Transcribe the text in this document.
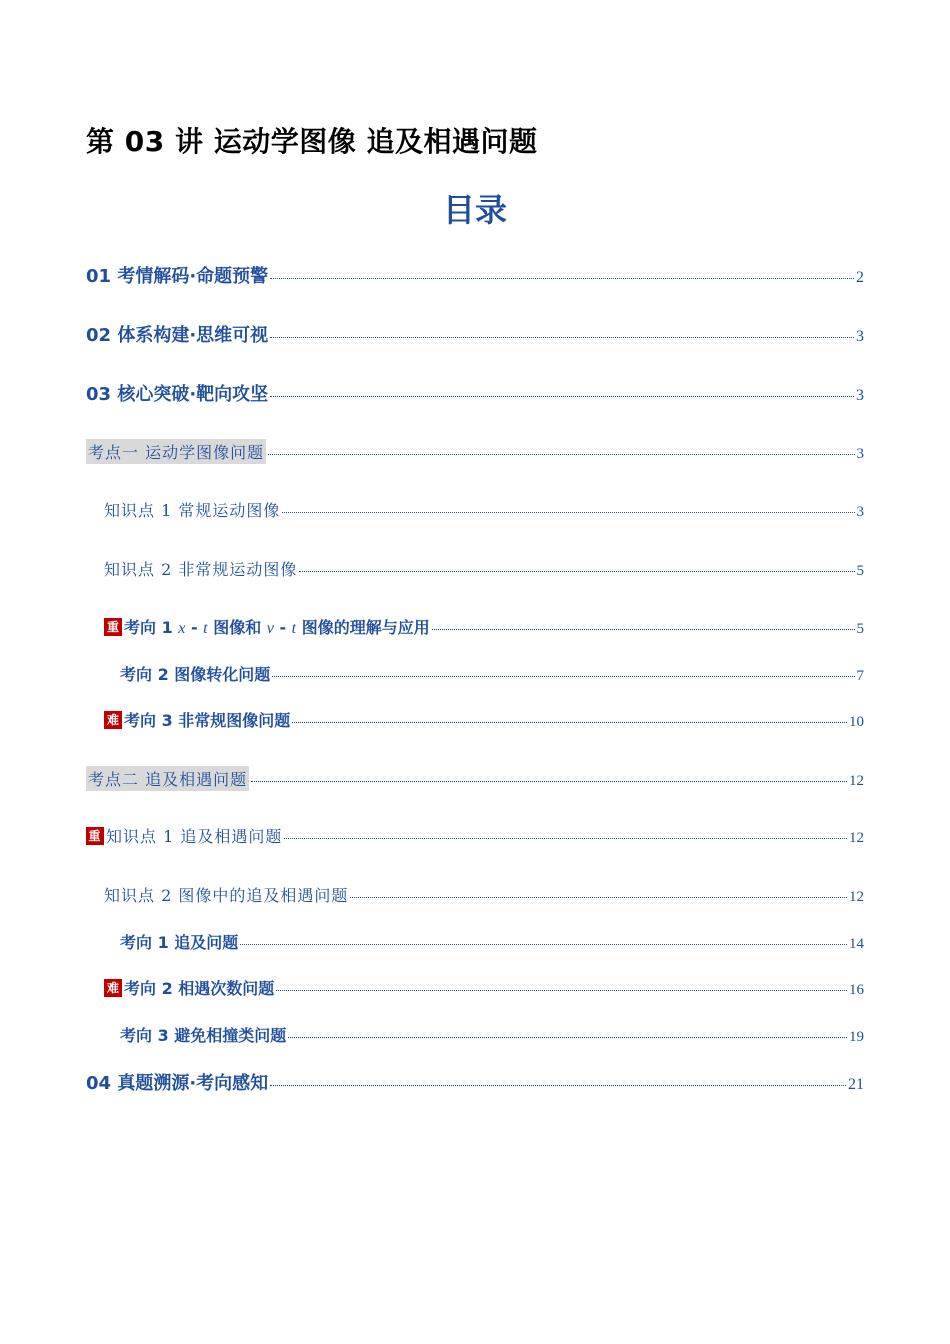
第 03 讲 运动学图像 追及相遇问题
目录
01 考情解码·命题预警	2
02 体系构建·思维可视	3
03 核心突破·靶向攻坚	3
考点一 运动学图像问题	3
知识点 1 常规运动图像	3
知识点 2 非常规运动图像	5
重 考向 1 x - t 图像和 v - t 图像的理解与应用	5
考向 2 图像转化问题	7
难 考向 3 非常规图像问题	10
考点二 追及相遇问题	12
重 知识点 1 追及相遇问题	12
知识点 2 图像中的追及相遇问题	12
考向 1 追及问题	14
难 考向 2 相遇次数问题	16
考向 3 避免相撞类问题	19
04 真题溯源·考向感知	21
